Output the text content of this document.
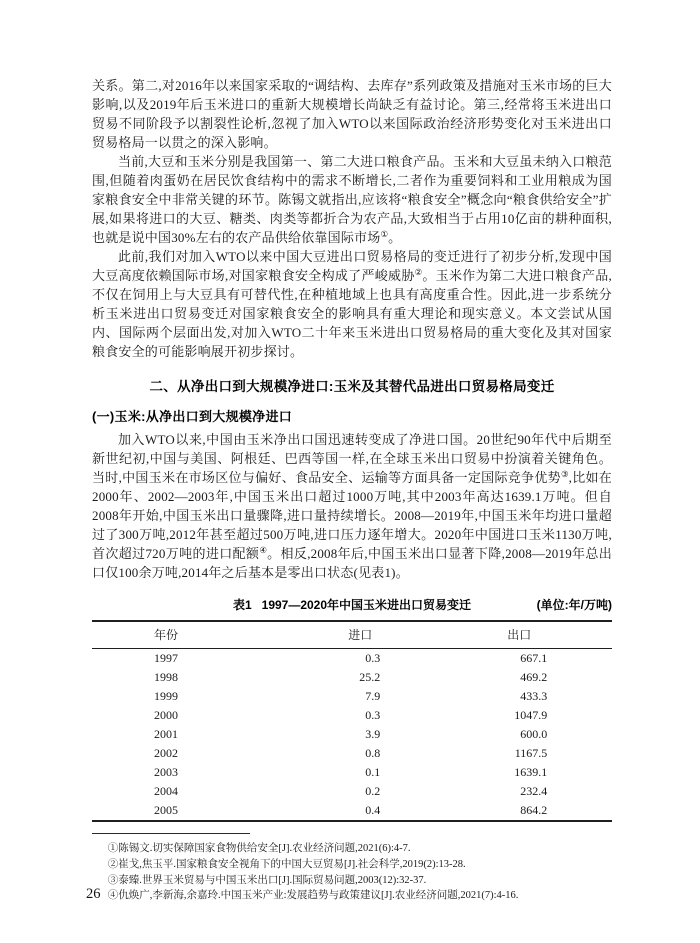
关系。第二,对2016年以来国家采取的“调结构、去库存”系列政策及措施对玉米市场的巨大影响,以及2019年后玉米进口的重新大规模增长尚缺乏有益讨论。第三,经常将玉米进出口贸易不同阶段予以割裂性论析,忽视了加入WTO以来国际政治经济形势变化对玉米进出口贸易格局一以贯之的深入影响。

当前,大豆和玉米分别是我国第一、第二大进口粮食产品。玉米和大豆虽未纳入口粮范围,但随着肉蛋奶在居民饮食结构中的需求不断增长,二者作为重要饲料和工业用粮成为国家粮食安全中非常关键的环节。陈锡文就指出,应该将“粮食安全”概念向“粮食供给安全”扩展,如果将进口的大豆、糖类、肉类等都折合为农产品,大致相当于占用10亿亩的耕种面积,也就是说中国30%左右的农产品供给依靠国际市场①。

此前,我们对加入WTO以来中国大豆进出口贸易格局的变迁进行了初步分析,发现中国大豆高度依赖国际市场,对国家粮食安全构成了严峻威胁②。玉米作为第二大进口粮食产品,不仅在饲用上与大豆具有可替代性,在种植地域上也具有高度重合性。因此,进一步系统分析玉米进出口贸易变迁对国家粮食安全的影响具有重大理论和现实意义。本文尝试从国内、国际两个层面出发,对加入WTO二十年来玉米进出口贸易格局的重大变化及其对国家粮食安全的可能影响展开初步探讨。

二、从净出口到大规模净进口:玉米及其替代品进出口贸易格局变迁
(一)玉米:从净出口到大规模净进口

加入WTO以来,中国由玉米净出口国迅速转变成了净进口国。20世纪90年代中后期至新世纪初,中国与美国、阿根廷、巴西等国一样,在全球玉米出口贸易中扮演着关键角色。当时,中国玉米在市场区位与偏好、食品安全、运输等方面具备一定国际竞争优势③,比如在2000年、2002—2003年,中国玉米出口超过1000万吨,其中2003年高达1639.1万吨。但自2008年开始,中国玉米出口量骤降,进口量持续增长。2008—2019年,中国玉米年均进口量超过了300万吨,2012年甚至超过500万吨,进口压力逐年增大。2020年中国进口玉米1130万吨,首次超过720万吨的进口配额④。相反,2008年后,中国玉米出口显著下降,2008—2019年总出口仅100余万吨,2014年之后基本是零出口状态(见表1)。

表1 1997—2020年中国玉米进出口贸易变迁	(单位:年/万吨)
年份	进口	出口
1997	0.3	667.1
1998	25.2	469.2
1999	7.9	433.3
2000	0.3	1047.9
2001	3.9	600.0
2002	0.8	1167.5
2003	0.1	1639.1
2004	0.2	232.4
2005	0.4	864.2
①陈锡文.切实保障国家食物供给安全[J].农业经济问题,2021(6):4-7.
②崔戈,焦玉平.国家粮食安全视角下的中国大豆贸易[J].社会科学,2019(2):13-28.
③泰臻.世界玉米贸易与中国玉米出口[J].国际贸易问题,2003(12):32-37.
④仇焕广,李新海,余嘉玲.中国玉米产业:发展趋势与政策建议[J].农业经济问题,2021(7):4-16.
26
